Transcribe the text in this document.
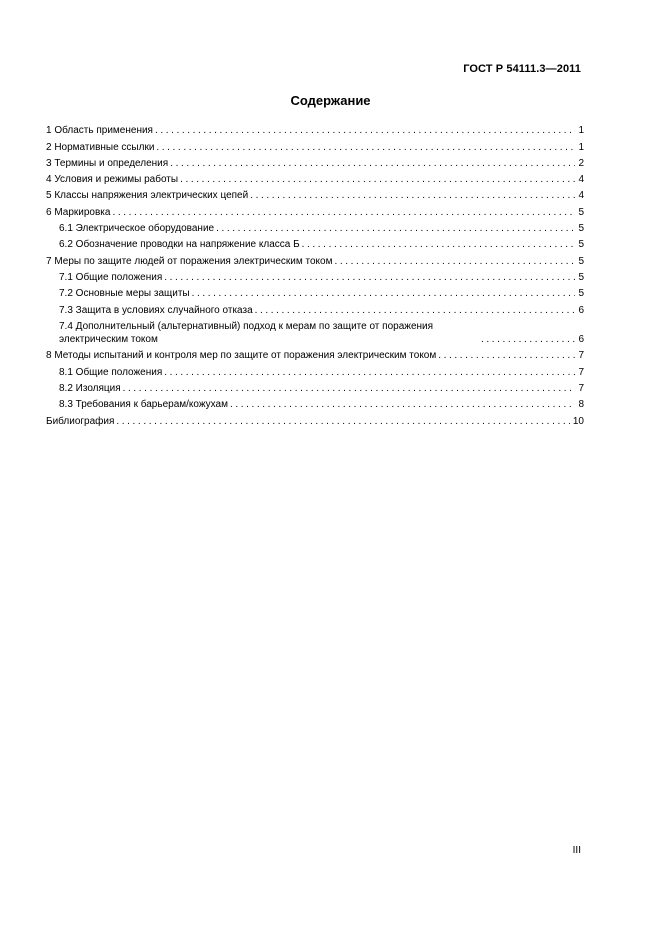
ГОСТ Р 54111.3—2011
Содержание
1 Область применения .....	1
2 Нормативные ссылки .....	1
3 Термины и определения .....	2
4 Условия и режимы работы .....	4
5 Классы напряжения электрических цепей .....	4
6 Маркировка .....	5
6.1 Электрическое оборудование .....	5
6.2 Обозначение проводки на напряжение класса Б .....	5
7 Меры по защите людей от поражения электрическим током .....	5
7.1 Общие положения .....	5
7.2 Основные меры защиты .....	5
7.3 Защита в условиях случайного отказа .....	6
7.4 Дополнительный (альтернативный) подход к мерам по защите от поражения электрическим током .....	6
8 Методы испытаний и контроля мер по защите от поражения электрическим током .....	7
8.1 Общие положения .....	7
8.2 Изоляция .....	7
8.3 Требования к барьерам/кожухам .....	8
Библиография .....	10
III
